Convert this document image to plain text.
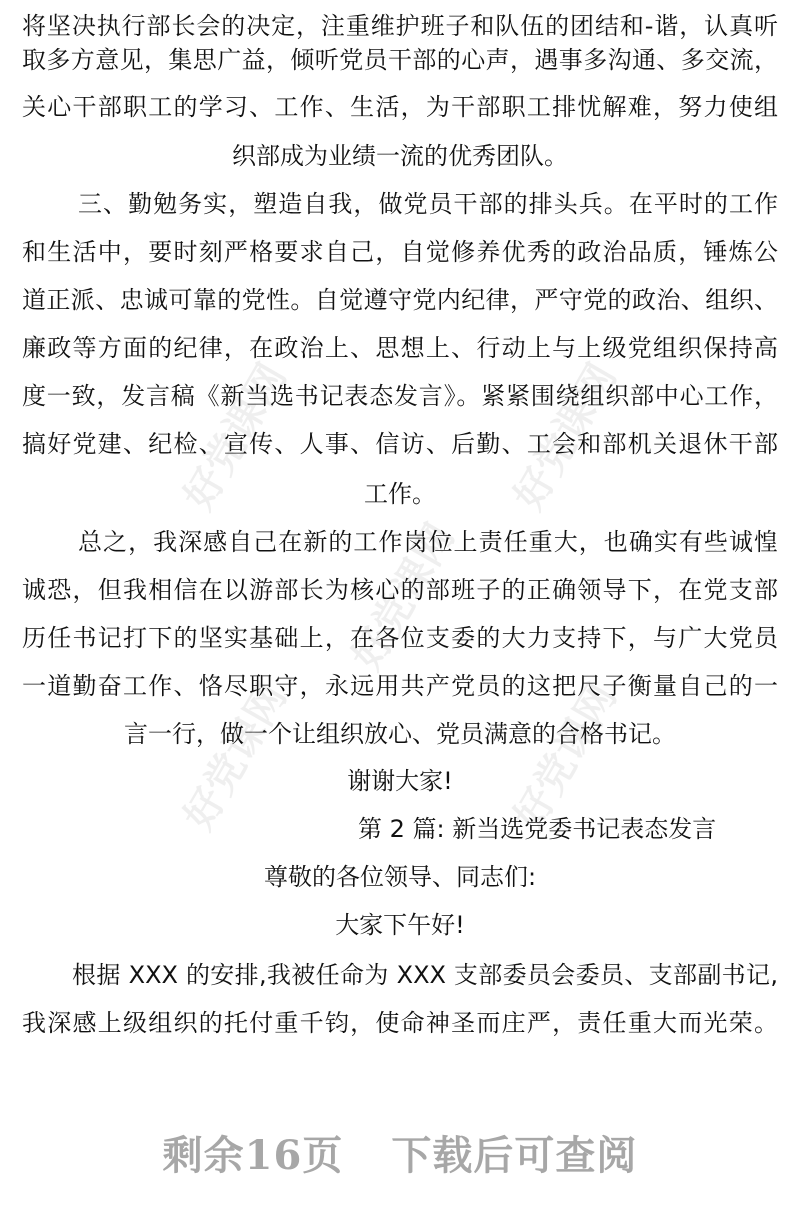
好党课网	好党课网
好党课网
好党课网	好党课网
将坚决执行部长会的决定，注重维护班子和队伍的团结和-谐，认真听
取多方意见，集思广益，倾听党员干部的心声，遇事多沟通、多交流，
关心干部职工的学习、工作、生活，为干部职工排忧解难，努力使组
织部成为业绩一流的优秀团队。
三、勤勉务实，塑造自我，做党员干部的排头兵。在平时的工作
和生活中，要时刻严格要求自己，自觉修养优秀的政治品质，锤炼公
道正派、忠诚可靠的党性。自觉遵守党内纪律，严守党的政治、组织、
廉政等方面的纪律，在政治上、思想上、行动上与上级党组织保持高
度一致，发言稿《新当选书记表态发言》。紧紧围绕组织部中心工作，
搞好党建、纪检、宣传、人事、信访、后勤、工会和部机关退休干部
工作。
总之，我深感自己在新的工作岗位上责任重大，也确实有些诚惶
诚恐，但我相信在以游部长为核心的部班子的正确领导下，在党支部
历任书记打下的坚实基础上，在各位支委的大力支持下，与广大党员
一道勤奋工作、恪尽职守，永远用共产党员的这把尺子衡量自己的一
言一行，做一个让组织放心、党员满意的合格书记。
谢谢大家!
第 2 篇: 新当选党委书记表态发言
尊敬的各位领导、同志们:
大家下午好!
根据 XXX 的安排,我被任命为 XXX 支部委员会委员、支部副书记,
我深感上级组织的托付重千钧，使命神圣而庄严，责任重大而光荣。
剩余16页 下载后可查阅
